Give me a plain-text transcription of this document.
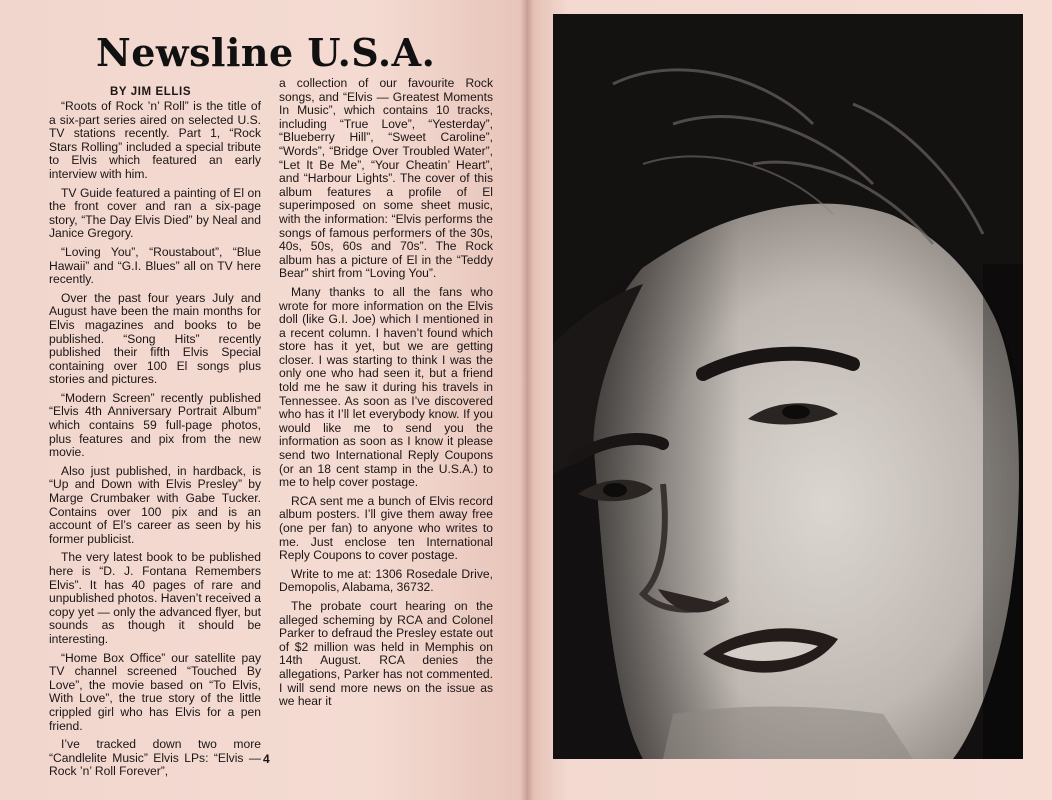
Newsline U.S.A.
BY JIM ELLIS

“Roots of Rock ’n’ Roll” is the title of a six-part series aired on selected U.S. TV stations recently. Part 1, “Rock Stars Rolling” included a special tribute to Elvis which featured an early interview with him.

TV Guide featured a painting of El on the front cover and ran a six-page story, “The Day Elvis Died” by Neal and Janice Gregory.

“Loving You”, “Roustabout”, “Blue Hawaii” and “G.I. Blues” all on TV here recently.

Over the past four years July and August have been the main months for Elvis magazines and books to be published. “Song Hits” recently published their fifth Elvis Special containing over 100 El songs plus stories and pictures.

“Modern Screen” recently published “Elvis 4th Anniversary Portrait Album” which contains 59 full-page photos, plus features and pix from the new movie.

Also just published, in hardback, is “Up and Down with Elvis Presley” by Marge Crumbaker with Gabe Tucker. Contains over 100 pix and is an account of El’s career as seen by his former publicist.

The very latest book to be published here is “D. J. Fontana Remembers Elvis”. It has 40 pages of rare and unpublished photos. Haven’t received a copy yet — only the advanced flyer, but sounds as though it should be interesting.

“Home Box Office” our satellite pay TV channel screened “Touched By Love”, the movie based on “To Elvis, With Love”, the true story of the little crippled girl who has Elvis for a pen friend.

I’ve tracked down two more “Candlelite Music” Elvis LPs: “Elvis — Rock ’n’ Roll Forever”,

a collection of our favourite Rock songs, and “Elvis — Greatest Moments In Music”, which contains 10 tracks, including “True Love”, “Yesterday”, “Blueberry Hill”, “Sweet Caroline”, “Words”, “Bridge Over Troubled Water”, “Let It Be Me”, “Your Cheatin’ Heart”, and “Harbour Lights”. The cover of this album features a profile of El superimposed on some sheet music, with the information: “Elvis performs the songs of famous performers of the 30s, 40s, 50s, 60s and 70s”. The Rock album has a picture of El in the “Teddy Bear” shirt from “Loving You”.

Many thanks to all the fans who wrote for more information on the Elvis doll (like G.I. Joe) which I mentioned in a recent column. I haven’t found which store has it yet, but we are getting closer. I was starting to think I was the only one who had seen it, but a friend told me he saw it during his travels in Tennessee. As soon as I’ve discovered who has it I’ll let everybody know. If you would like me to send you the information as soon as I know it please send two International Reply Coupons (or an 18 cent stamp in the U.S.A.) to me to help cover postage.

RCA sent me a bunch of Elvis record album posters. I’ll give them away free (one per fan) to anyone who writes to me. Just enclose ten International Reply Coupons to cover postage.

Write to me at: 1306 Rosedale Drive, Demopolis, Alabama, 36732.

The probate court hearing on the alleged scheming by RCA and Colonel Parker to defraud the Presley estate out of $2 million was held in Memphis on 14th August. RCA denies the allegations, Parker has not commented. I will send more news on the issue as we hear it

4
